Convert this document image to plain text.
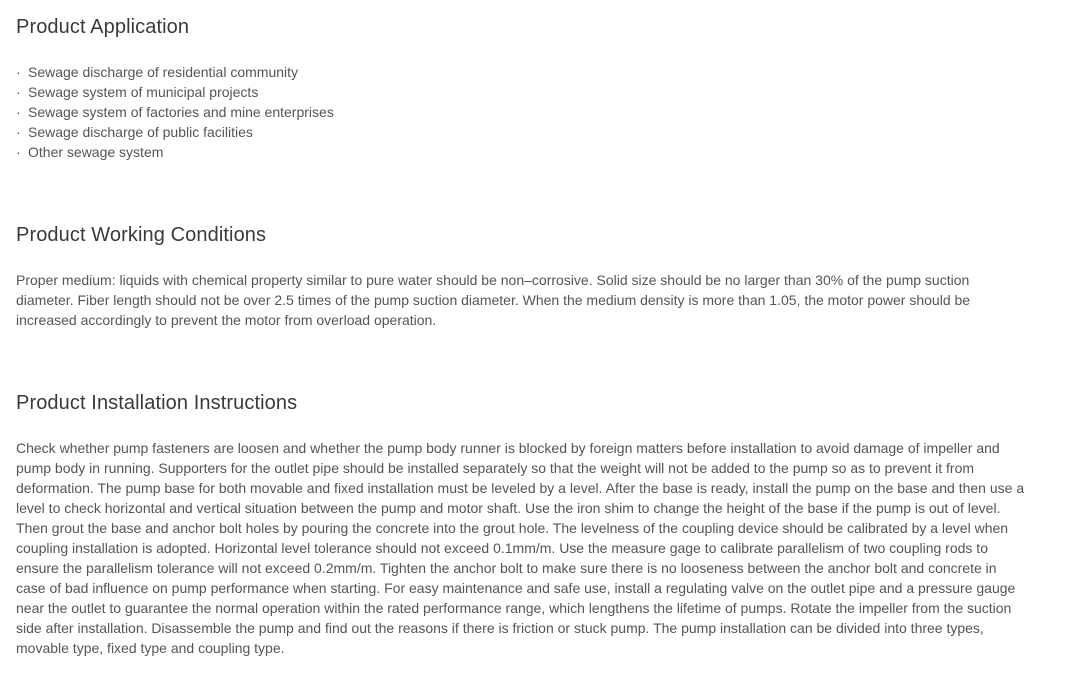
Product Application
· Sewage discharge of residential community
· Sewage system of municipal projects
· Sewage system of factories and mine enterprises
· Sewage discharge of public facilities
· Other sewage system
Product Working Conditions

Proper medium: liquids with chemical property similar to pure water should be non–corrosive. Solid size should be no larger than 30% of the pump suction diameter. Fiber length should not be over 2.5 times of the pump suction diameter. When the medium density is more than 1.05, the motor power should be increased accordingly to prevent the motor from overload operation.

Product Installation Instructions

Check whether pump fasteners are loosen and whether the pump body runner is blocked by foreign matters before installation to avoid damage of impeller and pump body in running. Supporters for the outlet pipe should be installed separately so that the weight will not be added to the pump so as to prevent it from deformation. The pump base for both movable and fixed installation must be leveled by a level. After the base is ready, install the pump on the base and then use a level to check horizontal and vertical situation between the pump and motor shaft. Use the iron shim to change the height of the base if the pump is out of level. Then grout the base and anchor bolt holes by pouring the concrete into the grout hole. The levelness of the coupling device should be calibrated by a level when coupling installation is adopted. Horizontal level tolerance should not exceed 0.1mm/m. Use the measure gage to calibrate parallelism of two coupling rods to ensure the parallelism tolerance will not exceed 0.2mm/m. Tighten the anchor bolt to make sure there is no looseness between the anchor bolt and concrete in case of bad influence on pump performance when starting. For easy maintenance and safe use, install a regulating valve on the outlet pipe and a pressure gauge near the outlet to guarantee the normal operation within the rated performance range, which lengthens the lifetime of pumps. Rotate the impeller from the suction side after installation. Disassemble the pump and find out the reasons if there is friction or stuck pump. The pump installation can be divided into three types, movable type, fixed type and coupling type.
